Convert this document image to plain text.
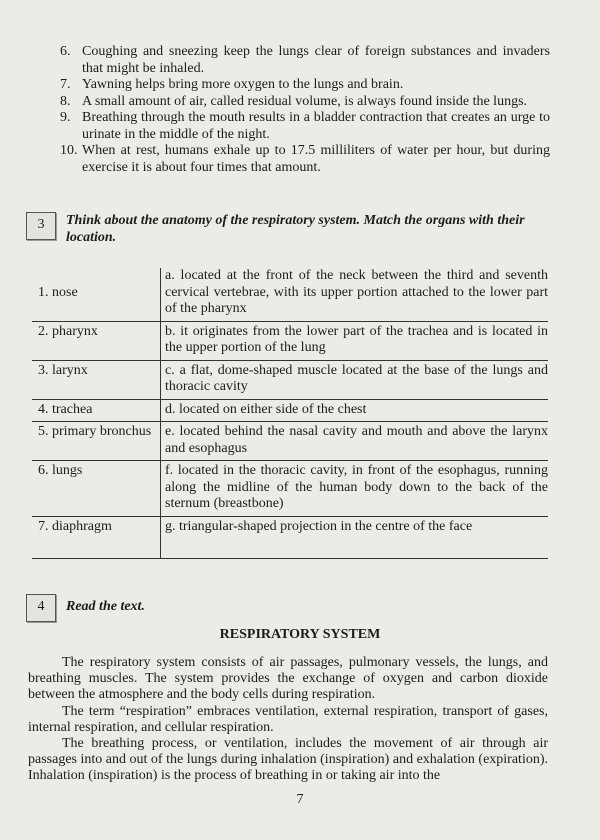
6. Coughing and sneezing keep the lungs clear of foreign substances and invaders that might be inhaled.
7. Yawning helps bring more oxygen to the lungs and brain.
8. A small amount of air, called residual volume, is always found inside the lungs.
9. Breathing through the mouth results in a bladder contraction that creates an urge to urinate in the middle of the night.
10. When at rest, humans exhale up to 17.5 milliliters of water per hour, but during exercise it is about four times that amount.
3	Think about the anatomy of the respiratory system. Match the organs with their location.
1. nose	a. located at the front of the neck between the third and seventh cervical vertebrae, with its upper portion attached to the lower part of the pharynx
2. pharynx	b. it originates from the lower part of the trachea and is located in the upper portion of the lung
3. larynx	c. a flat, dome-shaped muscle located at the base of the lungs and thoracic cavity
4. trachea	d. located on either side of the chest
5. primary bronchus	e. located behind the nasal cavity and mouth and above the larynx and esophagus
6. lungs	f. located in the thoracic cavity, in front of the esophagus, running along the midline of the human body down to the back of the sternum (breastbone)
7. diaphragm	g. triangular-shaped projection in the centre of the face
4	Read the text.
RESPIRATORY SYSTEM

The respiratory system consists of air passages, pulmonary vessels, the lungs, and breathing muscles. The system provides the exchange of oxygen and carbon dioxide between the atmosphere and the body cells during respiration.

The term “respiration” embraces ventilation, external respiration, transport of gases, internal respiration, and cellular respiration.

The breathing process, or ventilation, includes the movement of air through air passages into and out of the lungs during inhalation (inspiration) and exhalation (expiration). Inhalation (inspiration) is the process of breathing in or taking air into the

7
